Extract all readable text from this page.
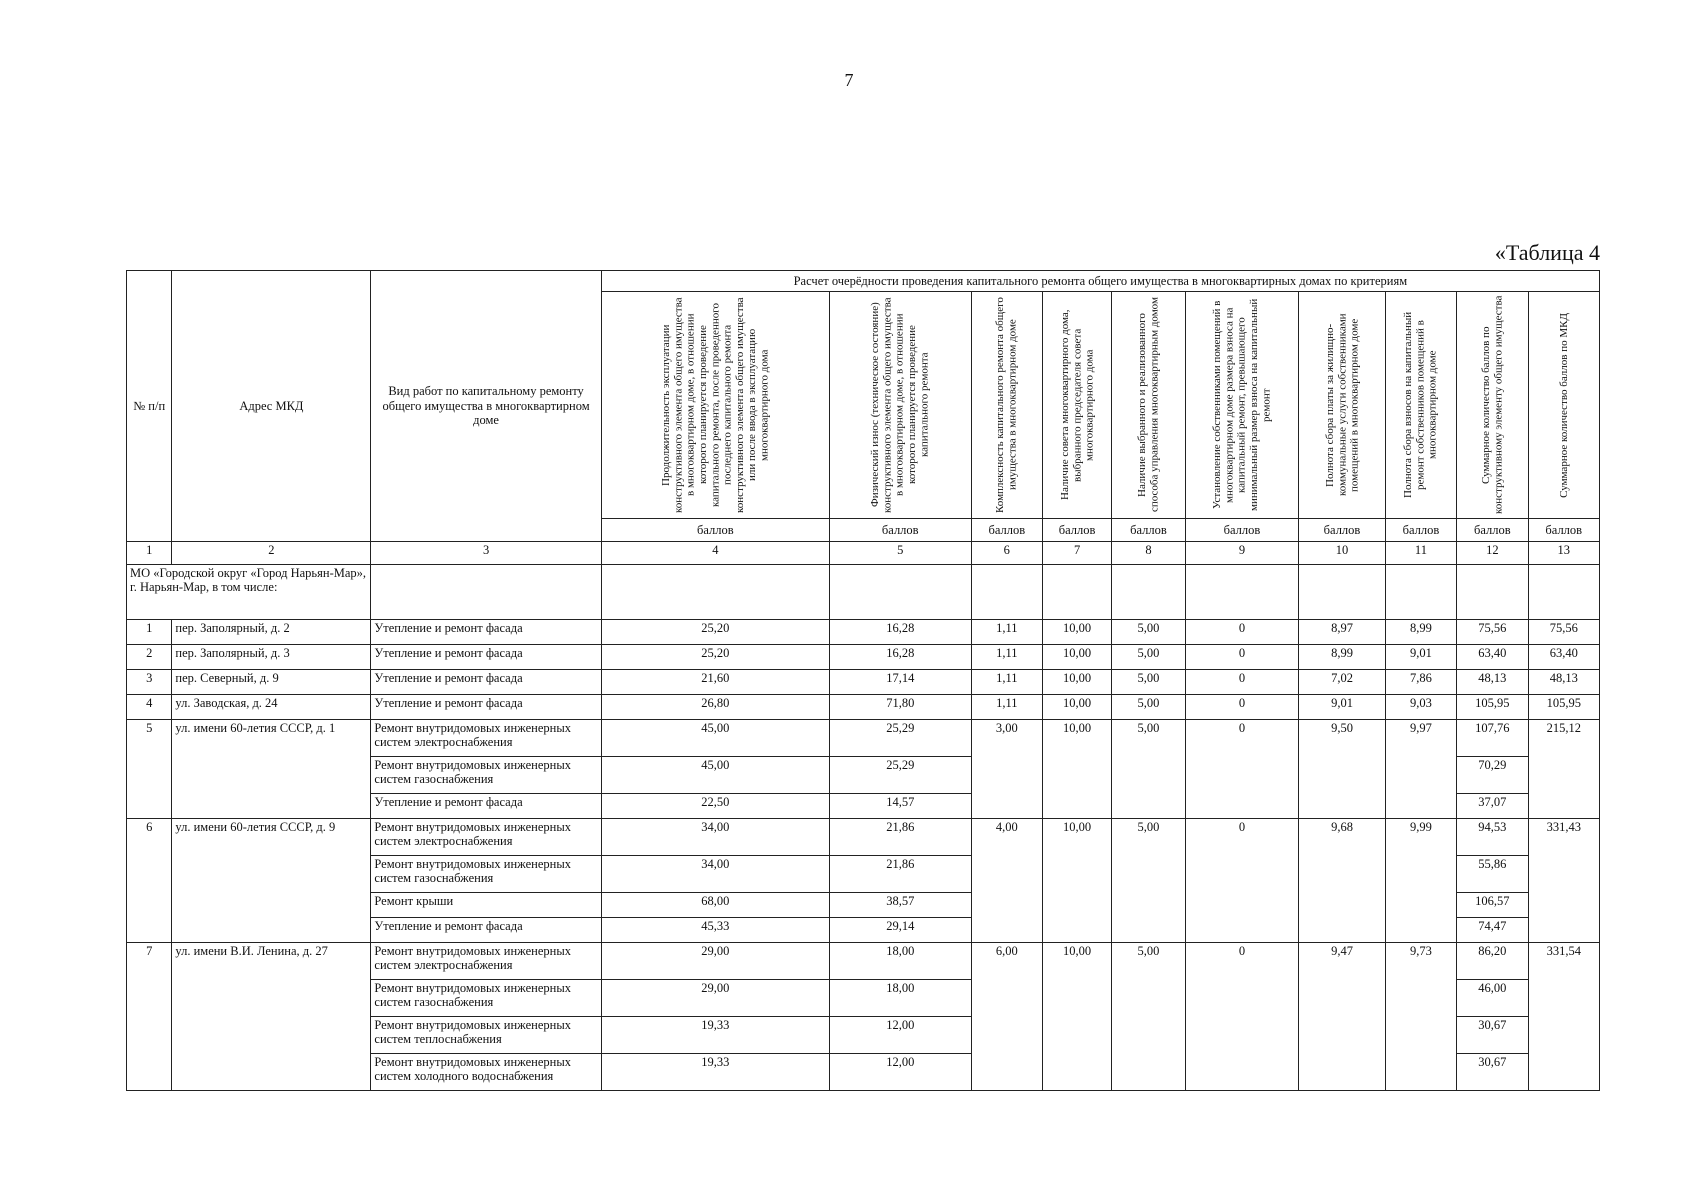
7
«Таблица 4
№ п/п	Адрес МКД	Вид работ по капитальному ремонту общего имущества в многоквартирном доме	Расчет очерёдности проведения капитального ремонта общего имущества в многоквартирных домах по критериям									

			Продолжительность эксплуатации конструктивного элемента общего имущества в многоквартирном доме, в отношении которого планируется проведение капитального ремонта, после проведенного последнего капитального ремонта конструктивного элемента общего имущества или после ввода в эксплуатацию многоквартирного дома	Физический износ (техническое состояние) конструктивного элемента общего имущества в многоквартирном доме, в отношении которого планируется проведение капитального ремонта	Комплексность капитального ремонта общего имущества в многоквартирном доме	Наличие совета многоквартирного дома, выбранного председателя совета многоквартирного дома	Наличие выбранного и реализованного способа управления многоквартирным домом	Установление собственниками помещений в многоквартирном доме размера взноса на капитальный ремонт, превышающего минимальный размер взноса на капитальный ремонт	Полнота сбора платы за жилищно-коммунальные услуги собственниками помещений в многоквартирном доме	Полнота сбора взносов на капитальный ремонт собственников помещений в многоквартирном доме	Суммарное количество баллов по конструктивному элементу общего имущества	Суммарное количество баллов по МКД

			баллов	баллов	баллов	баллов	баллов	баллов	баллов	баллов	баллов	баллов
1	2	3	4	5	6	7	8	9	10	11	12	13
МО «Городской округ «Город Нарьян-Мар», г. Нарьян-Мар, в том числе:												
1	пер. Заполярный, д. 2	Утепление и ремонт фасада	25,20	16,28	1,11	10,00	5,00	0	8,97	8,99	75,56	75,56
2	пер. Заполярный, д. 3	Утепление и ремонт фасада	25,20	16,28	1,11	10,00	5,00	0	8,99	9,01	63,40	63,40
3	пер. Северный, д. 9	Утепление и ремонт фасада	21,60	17,14	1,11	10,00	5,00	0	7,02	7,86	48,13	48,13
4	ул. Заводская, д. 24	Утепление и ремонт фасада	26,80	71,80	1,11	10,00	5,00	0	9,01	9,03	105,95	105,95
5	ул. имени 60-летия СССР, д. 1	Ремонт внутридомовых инженерных систем электроснабжения	45,00	25,29	3,00	10,00	5,00	0	9,50	9,97	107,76	215,12
		Ремонт внутридомовых инженерных систем газоснабжения	45,00	25,29							70,29	
		Утепление и ремонт фасада	22,50	14,57							37,07	
6	ул. имени 60-летия СССР, д. 9	Ремонт внутридомовых инженерных систем электроснабжения	34,00	21,86	4,00	10,00	5,00	0	9,68	9,99	94,53	331,43
		Ремонт внутридомовых инженерных систем газоснабжения	34,00	21,86							55,86	
		Ремонт крыши	68,00	38,57							106,57	
		Утепление и ремонт фасада	45,33	29,14							74,47	
7	ул. имени В.И. Ленина, д. 27	Ремонт внутридомовых инженерных систем электроснабжения	29,00	18,00	6,00	10,00	5,00	0	9,47	9,73	86,20	331,54
		Ремонт внутридомовых инженерных систем газоснабжения	29,00	18,00							46,00	
		Ремонт внутридомовых инженерных систем теплоснабжения	19,33	12,00							30,67	
		Ремонт внутридомовых инженерных систем холодного водоснабжения	19,33	12,00							30,67	
